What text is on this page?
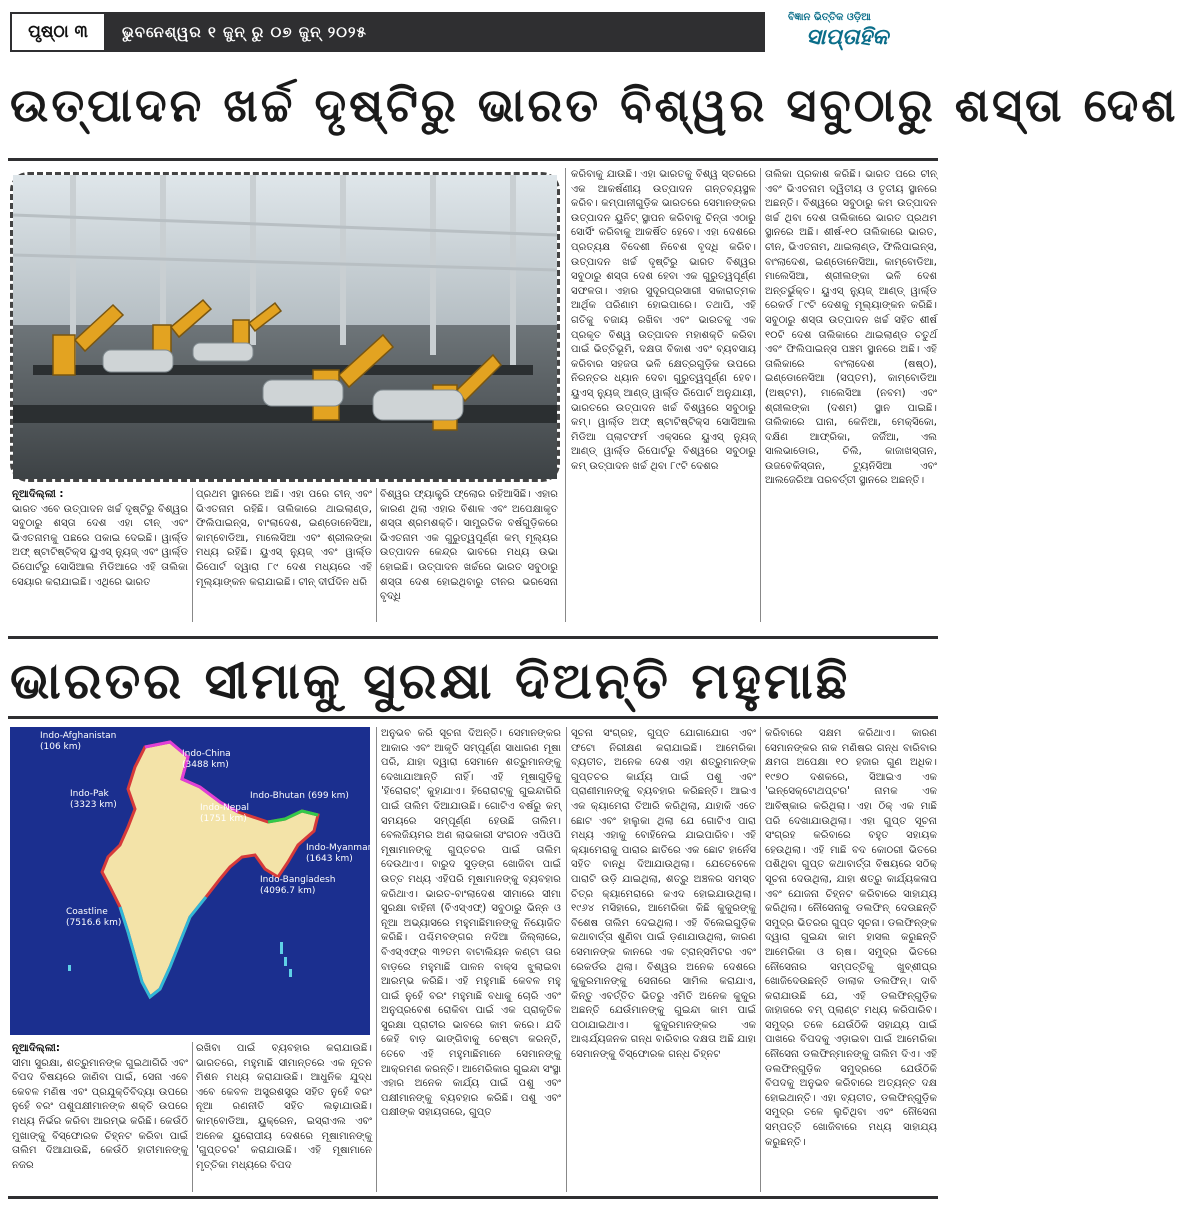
ପୃଷ୍ଠା ୩	ଭୁବନେଶ୍ୱର ୧ ଜୁନ୍ ରୁ ୦୭ ଜୁନ୍ ୨୦୨୫
ବିଜ୍ଞାନ ଭିତ୍ତିକ ଓଡ଼ିଆ
ସାପ୍ତାହିକ
ଉତ୍ପାଦନ ଖର୍ଚ୍ଚ ଦୃଷ୍ଟିରୁ ଭାରତ ବିଶ୍ୱର ସବୁଠାରୁ ଶସ୍ତା ଦେଶ

ନୂଆଦିଲ୍ଲୀ :

ଭାରତ ଏବେ ଉତ୍ପାଦନ ଖର୍ଚ୍ଚ ଦୃଷ୍ଟିରୁ ବିଶ୍ୱର ସବୁଠାରୁ ଶସ୍ତା ଦେଶ ଏହା ଚୀନ୍ ଏବଂ ଭିଏତନାମକୁ ପଛରେ ପକାଇ ଦେଇଛି। ୱାର୍ଲ୍ଡ ଅଫ୍ ଷ୍ଟାଟିଷ୍ଟିକ୍ସ ୟୁଏସ୍ ନ୍ୟୁଜ୍ ଏବଂ ୱାର୍ଲ୍ଡ ରିପୋର୍ଟରୁ ସୋସିଆଲ ମିଡିଆରେ ଏହି ତାଲିକା ସେୟାର କରାଯାଇଛି। ଏଥିରେ ଭାରତ

ପ୍ରଥମ ସ୍ଥାନରେ ଅଛି। ଏହା ପରେ ଚୀନ୍ ଏବଂ ଭିଏତନାମ ରହିଛି। ତାଲିକାରେ ଥାଇଲାଣ୍ଡ, ଫିଲିପାଇନ୍ସ, ବାଂଲାଦେଶ, ଇଣ୍ଡୋନେସିଆ, କାମ୍ବୋଡିଆ, ମାଲେସିଆ ଏବଂ ଶ୍ରୀଲଙ୍କା ମଧ୍ୟ ରହିଛି। ୟୁଏସ୍ ନ୍ୟୁଜ୍ ଏବଂ ୱାର୍ଲ୍ଡ ରିପୋର୍ଟ ଦ୍ୱାରା ୮୯ ଦେଶ ମଧ୍ୟରେ ଏହି ମୂଲ୍ୟାଙ୍କନ କରାଯାଇଛି। ଚୀନ୍ ଦୀର୍ଘଦିନ ଧରି

ବିଶ୍ୱର ଫ୍ୟାକ୍ଟ୍ରି ଫ୍ଲୋର ରହିଆସିଛି। ଏହାର କାରଣ ଥିଲା ଏହାର ବିଶାଳ ଏବଂ ଅପେକ୍ଷାକୃତ ଶସ୍ତା ଶ୍ରମଶକ୍ତି। ସାମ୍ପ୍ରତିକ ବର୍ଷଗୁଡ଼ିକରେ ଭିଏତନାମ ଏକ ଗୁରୁତ୍ୱପୂର୍ଣ୍ଣ କମ୍ ମୂଲ୍ୟର ଉତ୍ପାଦନ କେନ୍ଦ୍ର ଭାବରେ ମଧ୍ୟ ଉଭା ହୋଇଛି। ଉତ୍ପାଦନ ଖର୍ଚ୍ଚରେ ଭାରତ ସବୁଠାରୁ ଶସ୍ତା ଦେଶ ହୋଇଥିବାରୁ ଚୀନର ଭରସେନା ବୃଦ୍ଧି

କରିବାକୁ ଯାଉଛି। ଏହା ଭାରତକୁ ବିଶ୍ୱ ସ୍ତରରେ ଏକ ଆକର୍ଷଣୀୟ ଉତ୍ପାଦନ ଗନ୍ତବ୍ୟସ୍ଥଳ କରିବ। କମ୍ପାନୀଗୁଡ଼ିକ ଭାରତରେ ସେମାନଙ୍କର ଉତ୍ପାଦନ ୟୁନିଟ୍ ସ୍ଥାପନ କରିବାକୁ ଚିନ୍ତା ଏଠାରୁ ସୋର୍ସିଂ କରିବାକୁ ଆକର୍ଷିତ ହେବେ। ଏହା ଦେଶରେ ପ୍ରତ୍ୟକ୍ଷ ବିଦେଶୀ ନିବେଶ ବୃଦ୍ଧି କରିବ। ଉତ୍ପାଦନ ଖର୍ଚ୍ଚ ଦୃଷ୍ଟିରୁ ଭାରତ ବିଶ୍ୱର ସବୁଠାରୁ ଶସ୍ତା ଦେଶ ହେବା ଏକ ଗୁରୁତ୍ୱପୂର୍ଣ୍ଣ ସଫଳତା। ଏହାର ସୁଦୂରପ୍ରସାରୀ ସକାରାତ୍ମକ ଆର୍ଥିକ ପରିଣାମ ହୋଇପାରେ। ତଥାପି, ଏହି ଗତିକୁ ବଜାୟ ରଖିବା ଏବଂ ଭାରତକୁ ଏକ ପ୍ରକୃତ ବିଶ୍ୱ ଉତ୍ପାଦନ ମହାଶକ୍ତି କରିବା ପାଇଁ ଭିତ୍ତିଭୂମି, ଦକ୍ଷତା ବିକାଶ ଏବଂ ବ୍ୟବସାୟ କରିବାର ସହଜତା ଭଳି କ୍ଷେତ୍ରଗୁଡ଼ିକ ଉପରେ ନିରନ୍ତର ଧ୍ୟାନ ଦେବା ଗୁରୁତ୍ୱପୂର୍ଣ୍ଣ ହେବ। ୟୁଏସ୍ ନ୍ୟୁଜ୍ ଆଣ୍ଡ୍ ୱାର୍ଲ୍ଡ ରିପୋର୍ଟ ଅନୁଯାୟୀ, ଭାରତରେ ଉତ୍ପାଦନ ଖର୍ଚ୍ଚ ବିଶ୍ୱରେ ସବୁଠାରୁ କମ୍। ୱାର୍ଲ୍ଡ ଅଫ୍ ଷ୍ଟାଟିଷ୍ଟିକ୍ସ ସୋସିଆଲ ମିଡିଆ ପ୍ଲାଟଫର୍ମ ଏକ୍ସରେ ୟୁଏସ୍ ନ୍ୟୁଜ୍ ଆଣ୍ଡ୍ ୱାର୍ଲ୍ଡ ରିପୋର୍ଟରୁ ବିଶ୍ୱରେ ସବୁଠାରୁ କମ୍ ଉତ୍ପାଦନ ଖର୍ଚ୍ଚ ଥିବା ୮୯ଟି ଦେଶର

ତାଲିକା ପ୍ରକାଶ କରିଛି। ଭାରତ ପରେ ଚୀନ୍ ଏବଂ ଭିଏତନାମ ଦ୍ୱିତୀୟ ଓ ତୃତୀୟ ସ୍ଥାନରେ ଅଛନ୍ତି। ବିଶ୍ୱରେ ସବୁଠାରୁ କମ ଉତ୍ପାଦନ ଖର୍ଚ୍ଚ ଥିବା ଦେଶ ତାଲିକାରେ ଭାରତ ପ୍ରଥମ ସ୍ଥାନରେ ଅଛି। ଶୀର୍ଷ-୧୦ ତାଲିକାରେ ଭାରତ, ଚୀନ, ଭିଏତନାମ, ଥାଇଲାଣ୍ଡ, ଫିଲିପାଇନ୍ସ, ବାଂଲାଦେଶ, ଇଣ୍ଡୋନେସିଆ, କାମ୍ବୋଡିଆ, ମାଲେସିଆ, ଶ୍ରୀଲଙ୍କା ଭଳି ଦେଶ ଅନ୍ତର୍ଭୁକ୍ତ। ୟୁଏସ୍ ନ୍ୟୁଜ୍ ଆଣ୍ଡ୍ ୱାର୍ଲ୍ଡ ରେକର୍ଡ ୮୯ଟି ଦେଶକୁ ମୂଲ୍ୟାଙ୍କନ କରିଛି। ସବୁଠାରୁ ଶସ୍ତା ଉତ୍ପାଦନ ଖର୍ଚ୍ଚ ସହିତ ଶୀର୍ଷ ୧୦ଟି ଦେଶ ତାଲିକାରେ ଥାଇଲାଣ୍ଡ ଚତୁର୍ଥ ଏବଂ ଫିଲିପାଇନ୍ସ ପଞ୍ଚମ ସ୍ଥାନରେ ଅଛି। ଏହି ତାଲିକାରେ ବାଂଲାଦେଶ (ଷଷ୍ଠ), ଇଣ୍ଡୋନେସିଆ (ସପ୍ତମ), କାମ୍ବୋଡିଆ (ଅଷ୍ଟମ), ମାଲେସିଆ (ନବମ) ଏବଂ ଶ୍ରୀଲଙ୍କା (ଦଶମ) ସ୍ଥାନ ପାଇଛି। ତାଲିକାରେ ଘାନା, କେନିଆ, ମେକ୍ସିକୋ, ଦକ୍ଷିଣ ଆଫ୍ରିକା, ଜର୍ଜିଆ, ଏଲ ସାଲଭାଡୋର, ଚିଲି, କାଜାଖସ୍ତାନ, ଉଜବେକିସ୍ତାନ, ଟ୍ୟୁନିସିଆ ଏବଂ ଆଲଜେରିଆ ପରବର୍ତ୍ତୀ ସ୍ଥାନରେ ଅଛନ୍ତି।

ଭାରତର ସୀମାକୁ ସୁରକ୍ଷା ଦିଅନ୍ତି ମହୁମାଛି
Indo-Afghanistan
(106 km)
Indo-China
(3488 km)
Indo-Pak
(3323 km)	Indo-Nepal
(1751 km)
Indo-Bhutan (699 km)
Indo-Myanmar
(1643 km)
Indo-Bangladesh
(4096.7 km)
Coastline
(7516.6 km)

ନୂଆଦିଲ୍ଲୀ:

ସୀମା ସୁରକ୍ଷା, ଶତ୍ରୁମାନଙ୍କ ଗୁଇଥାଗିରି ଏବଂ ବିପଦ ବିଷୟରେ ଜାଣିବା ପାଇଁ, ସେନା ଏବେ କେବଳ ମଣିଷ ଏବଂ ପ୍ରଯୁକ୍ତିବିଦ୍ୟା ଉପରେ ନୁହେଁ ବରଂ ପଶୁପକ୍ଷୀମାନଙ୍କ ଶକ୍ତି ଉପରେ ମଧ୍ୟ ନିର୍ଭର କରିବା ଆରମ୍ଭ କରିଛି। କେଉଁଠି ମୁଖାଙ୍କୁ ବିସ୍ଫୋରକ ଚିହ୍ନଟ କରିବା ପାଇଁ ତାଲିମ ଦିଆଯାଉଛି, କେଉଁଠି ହାତୀମାନଙ୍କୁ ନଜର

ରଖିବା ପାଇଁ ବ୍ୟବହାର କରାଯାଉଛି। ଭାରତରେ, ମହୁମାଛି ସୀମାନ୍ତରେ ଏକ ନୂତନ ମିଶନ ମଧ୍ୟ କରାଯାଉଛି। ଆଧୁନିକ ଯୁଦ୍ଧ ଏବେ କେବଳ ଅସ୍ତ୍ରଶସ୍ତ୍ର ସହିତ ନୁହେଁ ବରଂ ନୂଆ ରଣନୀତି ସହିତ ଲଢ଼ାଯାଉଛି। କାମ୍ବୋଡିଆ, ୟୁକ୍ରେନ, ଇସ୍ରାଏଲ ଏବଂ ଅନେକ ୟୁରୋପୀୟ ଦେଶରେ ମୂଷାମାନଙ୍କୁ 'ଗୁପ୍ତଚର' କରାଯାଉଛି। ଏହି ମୂଷାମାନେ ମୃତ୍ତିକା ମଧ୍ୟରେ ବିପଦ

ଅନୁଭବ କରି ସୂଚନା ଦିଅନ୍ତି। ସେମାନଙ୍କର ଆକାର ଏବଂ ଆକୃତି ସମ୍ପୂର୍ଣ୍ଣ ସାଧାରଣ ମୂଷା ପରି, ଯାହା ଦ୍ୱାରା ସେମାନେ ଶତ୍ରୁମାନଙ୍କୁ ଦେଖାଯାଆନ୍ତି ନାହିଁ। ଏହି ମୂଷାଗୁଡ଼ିକୁ 'ହିରୋରାଟ୍' କୁହାଯାଏ। ହିରୋରାଟ୍‌କୁ ଗୁଇନ୍ଦାଗିରି ପାଇଁ ତାଲିମ ଦିଆଯାଉଛି। ଗୋଟିଏ ବର୍ଷରୁ କମ୍ ସମୟରେ ସମ୍ପୂର୍ଣ୍ଣ ହେଉଛି ତାଲିମ। ବେଲଜିୟମର ଅଣ ଲାଭକାରୀ ସଂଗଠନ ଏପିଓପି ମୂଷାମାନଙ୍କୁ ଗୁପ୍ତଚର ପାଇଁ ତାଲିମ ଦେଉଥାଏ। ବାରୁଦ ସୁଡ଼ଙ୍ଗ ଖୋଜିବା ପାଇଁ ଉତ୍ତ ମଧ୍ୟ ଏହିପରି ମୂଷାମାନଙ୍କୁ ବ୍ୟବହାର କରିଥାଏ। ଭାରତ-ବାଂଲାଦେଶ ସୀମାରେ ସୀମା ସୁରକ୍ଷା ବାହିନୀ (ବିଏସ୍ଏଫ୍) ସବୁଠାରୁ ଭିନ୍ନ ଓ ନୂଆ ଅଭ୍ୟାସରେ ମହୁମାଛିମାନଙ୍କୁ ନିୟୋଜିତ କରିଛି। ପଶ୍ଚିମବଙ୍ଗର ନଦିଆ ଜିଲ୍ଲାରେ, ବିଏସ୍ଏଫ୍‌ର ୩୨ତମ ବାଟାଲିୟନ କଣ୍ଟା ତାର ବାଡ଼ରେ ମହୁମାଛି ପାଳନ ବାକ୍ସ ଝୁଲାଇବା ଆରମ୍ଭ କରିଛି। ଏହି ମହୁମାଛି କେବଳ ମହୁ ପାଇଁ ନୁହେଁ ବରଂ ମହୁମାଛି ବଧାକୁ ଚୋରି ଏବଂ ଅନୁପ୍ରବେଶ ରୋକିବା ପାଇଁ ଏକ ପ୍ରାକୃତିକ ସୁରକ୍ଷା ପ୍ରାଚୀର ଭାବରେ କାମ କରେ। ଯଦି କେହି ବାଡ଼ ଭାଙ୍ଗିବାକୁ ଚେଷ୍ଟା କରନ୍ତି, ତେବେ ଏହି ମହୁମାଛିମାନେ ସେମାନଙ୍କୁ ଆକ୍ରମଣ କରନ୍ତି। ଆମେରିକାର ଗୁଇନ୍ଦା ସଂସ୍ଥା ଏହାର ଅନେକ କାର୍ଯ୍ୟ ପାଇଁ ପଶୁ ଏବଂ ପକ୍ଷୀମାନଙ୍କୁ ବ୍ୟବହାର କରିଛି। ପଶୁ ଏବଂ ପକ୍ଷୀଙ୍କ ସହାୟତାରେ, ଗୁପ୍ତ

ସୂଚନା ସଂଗ୍ରହ, ଗୁପ୍ତ ଯୋଗାଯୋଗ ଏବଂ ଫଟୋ ନିରୀକ୍ଷଣ କରାଯାଇଛି। ଆମେରିକା ବ୍ୟତୀତ, ଅନେକ ଦେଶ ଏହା ଶତ୍ରୁମାନଙ୍କ ଗୁପ୍ତଚର କାର୍ଯ୍ୟ ପାଇଁ ପଶୁ ଏବଂ ପ୍ରାଣୀମାନଙ୍କୁ ବ୍ୟବହାର କରିଛନ୍ତି। ଆଇଏ ଏକ କ୍ୟାମେରା ତିଆରି କରିଥିଲା, ଯାହାକି ଏତେ ଛୋଟ ଏବଂ ହାଲୁକା ଥିଲା ଯେ ଗୋଟିଏ ପାରା ମଧ୍ୟ ଏହାକୁ ବୋହିନେଇ ଯାଇପାରିବ। ଏହି କ୍ୟାମେରାକୁ ପାରାର ଛାତିରେ ଏକ ଛୋଟ ହାର୍ନେସ ସହିତ ବାନ୍ଧି ଦିଆଯାଉଥିଲା। ଯେତେବେଳେ ପାରାଟି ଉଡ଼ି ଯାଇଥିଲା, ଶତ୍ରୁ ଅଞ୍ଚଳର ସମସ୍ତ ଚିତ୍ର କ୍ୟାମେରାରେ କଏଦ ହୋଇଯାଉଥିଲା। ୧୯୬୪ ମସିହାରେ, ଆମେରିକା କିଛି କୁକୁରଙ୍କୁ ବିଶେଷ ତାଲିମ ଦେଇଥିଲା। ଏହି ବିଲେଇଗୁଡ଼ିକ କଥାବାର୍ତ୍ତା ଶୁଣିବା ପାଇଁ ଡ଼ଣାଯାଉଥିଲା, କାରଣ ସେମାନଙ୍କ କାନରେ ଏକ ଟ୍ରାନ୍ସମିଟର ଏବଂ ରେକର୍ଡର ଥିଲା। ବିଶ୍ୱର ଅନେକ ଦେଶରେ କୁକୁରମାନଙ୍କୁ ସେନାରେ ସାମିଲ କରାଯାଏ, କିନ୍ତୁ ଏବର୍ତ୍ତିତ ଭିତରୁ ଏମିତି ଅନେକ କୁକୁର ଅଛନ୍ତି ଯେଉଁମାନଙ୍କୁ ଗୁଇନ୍ଦା କାମ ପାଇଁ ପଠାଯାଇଥାଏ। କୁକୁରମାନଙ୍କର ଏକ ଆଶ୍ଚର୍ଯ୍ୟଜନକ ଗନ୍ଧ ବାରିବାର ଦକ୍ଷତା ଅଛି ଯାହା ସେମାନଙ୍କୁ ବିସ୍ଫୋରକ ଗନ୍ଧ ଚିହ୍ନଟ

କରିବାରେ ସକ୍ଷମ କରିଥାଏ। କାରଣ ସେମାନଙ୍କର ନାକ ମଣିଷର ଗନ୍ଧ ବାରିବାର କ୍ଷମତା ଅପେକ୍ଷା ୧୦ ହଜାର ଗୁଣ ଅଧିକ। ୧୯୭୦ ଦଶକରେ, ସିଆଇଏ ଏକ 'ଇନ୍‌ସେକ୍ଟୋଥପ୍ଟର' ନାମକ ଏକ ଆବିଷ୍କାର କରିଥିଲା। ଏହା ଠିକ୍ ଏକ ମାଛି ପରି ଦେଖାଯାଉଥିଲା। ଏହା ଗୁପ୍ତ ସୂଚନା ସଂଗ୍ରହ କରିବାରେ ବହୁତ ସହାୟକ ହେଉଥିଲା। ଏହି ମାଛି ବଦ କୋଠରୀ ଭିତରେ ପଶିଥିବା ଗୁପ୍ତ କଥାବାର୍ତ୍ତା ବିଷୟରେ ସଠିକ୍ ସୂଚନା ଦେଉଥିଲା, ଯାହା ଶତ୍ରୁ କାର୍ଯ୍ୟକଳାପ ଏବଂ ଯୋଜନା ଚିହ୍ନଟ କରିବାରେ ସାହାଯ୍ୟ କରିଥିଲା। ନୌସେନାକୁ ଡଲଫିନ୍ ଦେଉଛନ୍ତି ସମୁଦ୍ର ଭିତରର ଗୁପ୍ତ ସୂଚନା। ଡଲଫିନ୍‌ଙ୍କ ଦ୍ୱାରା ଗୁଇନ୍ଦା କାମ ହାସଲ କରୁଛନ୍ତି ଆମେରିକା ଓ ଋଷ। ସମୁଦ୍ର ଭିତରେ ନୌସେନାର ସମ୍ପତ୍ତିକୁ ଖୁବ୍‌ଶୀଘ୍ର ଖୋଜିଦେଉଛନ୍ତି ଡାଲାକ ଡଲଫିନ୍। ଦାବି କରାଯାଉଛି ଯେ, ଏହି ଡଲଫିନ୍‌ଗୁଡ଼ିକ ଜାହାଜରେ ବମ୍ ପ୍ଲାଣ୍ଟ ମଧ୍ୟ କରିପାରିବ। ସମୁଦ୍ର ତଳେ ଯେଉଁଠିକି ସହାଯ୍ୟ ପାଇଁ ପାଖରେ ବିପଦକୁ ଏଡ଼ାଇବା ପାଇଁ ଆମେରିକା ନୌସେନା ଡଲଫିନ୍‌ମାନଙ୍କୁ ତାଲିମ ଦିଏ। ଏହି ଡଲଫିନ୍‌ଗୁଡ଼ିକ ସମୁଦ୍ରରେ ଯେଉଁଠିକି ବିପଦକୁ ଅନୁଭବ କରିବାରେ ଅତ୍ୟନ୍ତ ଦକ୍ଷ ହୋଇଥାନ୍ତି। ଏହା ବ୍ୟତୀତ, ଡଲଫିନ୍‌ଗୁଡ଼ିକ ସମୁଦ୍ର ତଳେ ଲୁଚିଥିବା ଏବଂ ନୌସେନା ସମ୍ପତ୍ତି ଖୋଜିବାରେ ମଧ୍ୟ ସାହାଯ୍ୟ କରୁଛନ୍ତି।
